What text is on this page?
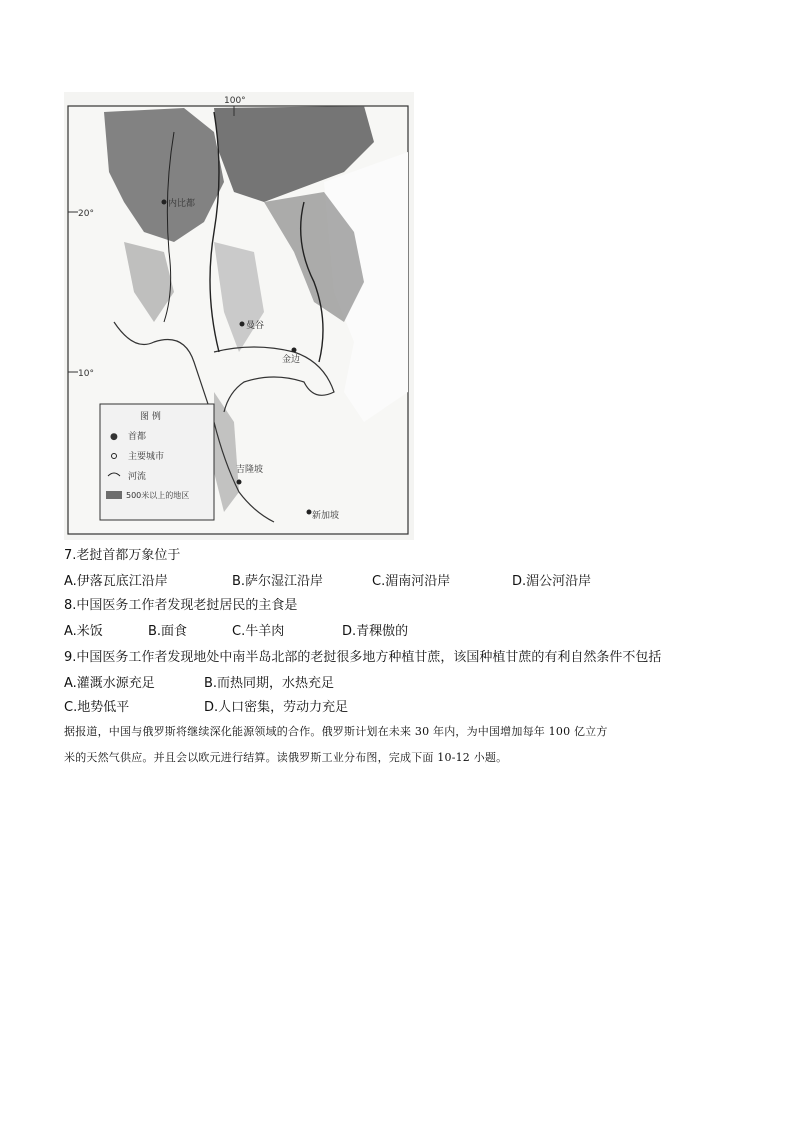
100°
20°
10°
内比都
曼谷
金边
吉隆坡
新加坡
图 例
● 首都
主要城市
河流
500米以上的地区
7.老挝首都万象位于
A.伊落瓦底江沿岸	B.萨尔湿江沿岸	C.湄南河沿岸	D.湄公河沿岸
8.中国医务工作者发现老挝居民的主食是
A.米饭	B.面食	C.牛羊肉	D.青稞傲的
9.中国医务工作者发现地处中南半岛北部的老挝很多地方种植甘蔗，该国种植甘蔗的有利自然条件不包括
A.灌溉水源充足	B.而热同期，水热充足
C.地势低平	D.人口密集，劳动力充足
据报道，中国与俄罗斯将继续深化能源领域的合作。俄罗斯计划在未来 30 年内，为中国增加每年 100 亿立方
米的天然气供应。并且会以欧元进行结算。读俄罗斯工业分布图，完成下面 10-12 小题。
